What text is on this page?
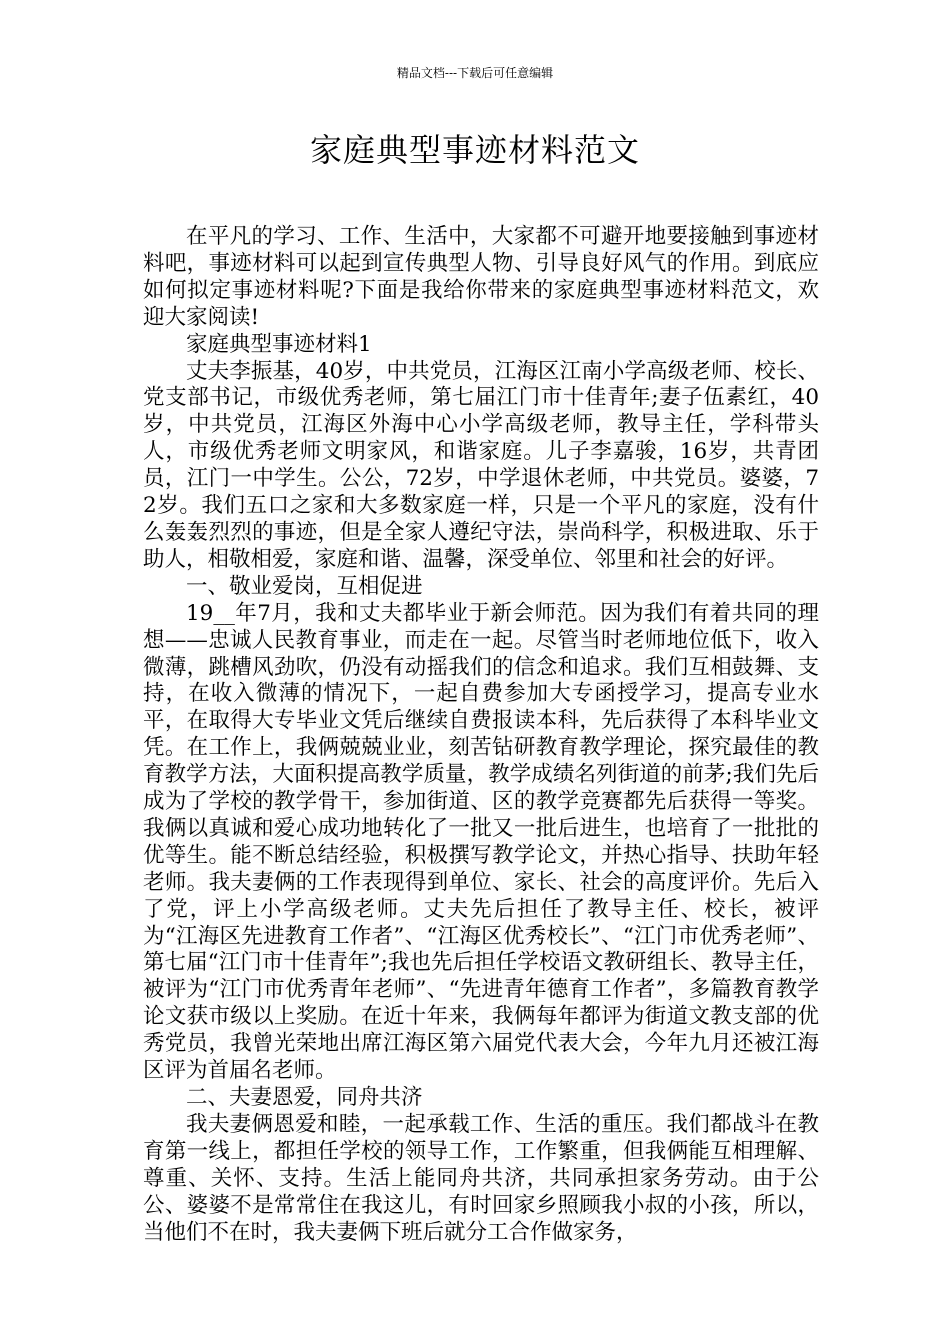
精品文档---下载后可任意编辑
家庭典型事迹材料范文

在平凡的学习、工作、生活中，大家都不可避开地要接触到事迹材料吧，事迹材料可以起到宣传典型人物、引导良好风气的作用。到底应如何拟定事迹材料呢?下面是我给你带来的家庭典型事迹材料范文，欢迎大家阅读!

家庭典型事迹材料1

丈夫李振基，40岁，中共党员，江海区江南小学高级老师、校长、党支部书记，市级优秀老师，第七届江门市十佳青年;妻子伍素红，40岁，中共党员，江海区外海中心小学高级老师，教导主任，学科带头人，市级优秀老师文明家风，和谐家庭。儿子李嘉骏，16岁，共青团员，江门一中学生。公公，72岁，中学退休老师，中共党员。婆婆，72岁。我们五口之家和大多数家庭一样，只是一个平凡的家庭，没有什么轰轰烈烈的事迹，但是全家人遵纪守法，崇尚科学，积极进取、乐于助人，相敬相爱，家庭和谐、温馨，深受单位、邻里和社会的好评。

一、敬业爱岗，互相促进

19__年7月，我和丈夫都毕业于新会师范。因为我们有着共同的理想——忠诚人民教育事业，而走在一起。尽管当时老师地位低下，收入微薄，跳槽风劲吹，仍没有动摇我们的信念和追求。我们互相鼓舞、支持，在收入微薄的情况下，一起自费参加大专函授学习，提高专业水平，在取得大专毕业文凭后继续自费报读本科，先后获得了本科毕业文凭。在工作上，我俩兢兢业业，刻苦钻研教育教学理论，探究最佳的教育教学方法，大面积提高教学质量，教学成绩名列街道的前茅;我们先后成为了学校的教学骨干，参加街道、区的教学竞赛都先后获得一等奖。我俩以真诚和爱心成功地转化了一批又一批后进生，也培育了一批批的优等生。能不断总结经验，积极撰写教学论文，并热心指导、扶助年轻老师。我夫妻俩的工作表现得到单位、家长、社会的高度评价。先后入了党，评上小学高级老师。丈夫先后担任了教导主任、校长，被评为“江海区先进教育工作者”、“江海区优秀校长”、“江门市优秀老师”、第七届“江门市十佳青年”;我也先后担任学校语文教研组长、教导主任，被评为“江门市优秀青年老师”、“先进青年德育工作者”，多篇教育教学论文获市级以上奖励。在近十年来，我俩每年都评为街道文教支部的优秀党员，我曾光荣地出席江海区第六届党代表大会，今年九月还被江海区评为首届名老师。

二、夫妻恩爱，同舟共济

我夫妻俩恩爱和睦，一起承载工作、生活的重压。我们都战斗在教育第一线上，都担任学校的领导工作，工作繁重，但我俩能互相理解、尊重、关怀、支持。生活上能同舟共济，共同承担家务劳动。由于公公、婆婆不是常常住在我这儿，有时回家乡照顾我小叔的小孩，所以，当他们不在时，我夫妻俩下班后就分工合作做家务，
